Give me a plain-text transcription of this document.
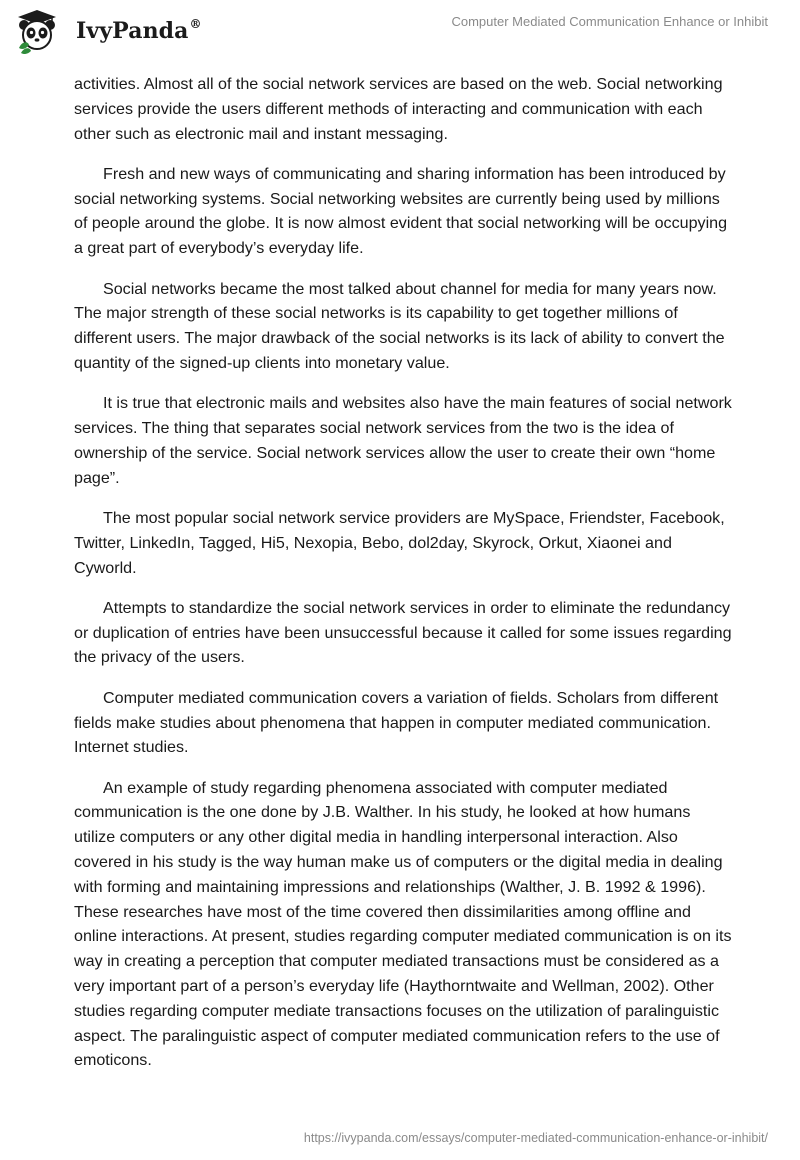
IvyPanda®	Computer Mediated Communication Enhance or Inhibit

activities. Almost all of the social network services are based on the web. Social networking services provide the users different methods of interacting and communication with each other such as electronic mail and instant messaging.

Fresh and new ways of communicating and sharing information has been introduced by social networking systems. Social networking websites are currently being used by millions of people around the globe. It is now almost evident that social networking will be occupying a great part of everybody’s everyday life.

Social networks became the most talked about channel for media for many years now. The major strength of these social networks is its capability to get together millions of different users. The major drawback of the social networks is its lack of ability to convert the quantity of the signed-up clients into monetary value.

It is true that electronic mails and websites also have the main features of social network services. The thing that separates social network services from the two is the idea of ownership of the service. Social network services allow the user to create their own “home page”.

The most popular social network service providers are MySpace, Friendster, Facebook, Twitter, LinkedIn, Tagged, Hi5, Nexopia, Bebo, dol2day, Skyrock, Orkut, Xiaonei and Cyworld.

Attempts to standardize the social network services in order to eliminate the redundancy or duplication of entries have been unsuccessful because it called for some issues regarding the privacy of the users.

Computer mediated communication covers a variation of fields. Scholars from different fields make studies about phenomena that happen in computer mediated communication. Internet studies.

An example of study regarding phenomena associated with computer mediated communication is the one done by J.B. Walther. In his study, he looked at how humans utilize computers or any other digital media in handling interpersonal interaction. Also covered in his study is the way human make us of computers or the digital media in dealing with forming and maintaining impressions and relationships (Walther, J. B. 1992 & 1996). These researches have most of the time covered then dissimilarities among offline and online interactions. At present, studies regarding computer mediated communication is on its way in creating a perception that computer mediated transactions must be considered as a very important part of a person’s everyday life (Haythorntwaite and Wellman, 2002). Other studies regarding computer mediate transactions focuses on the utilization of paralinguistic aspect. The paralinguistic aspect of computer mediated communication refers to the use of emoticons.

https://ivypanda.com/essays/computer-mediated-communication-enhance-or-inhibit/
